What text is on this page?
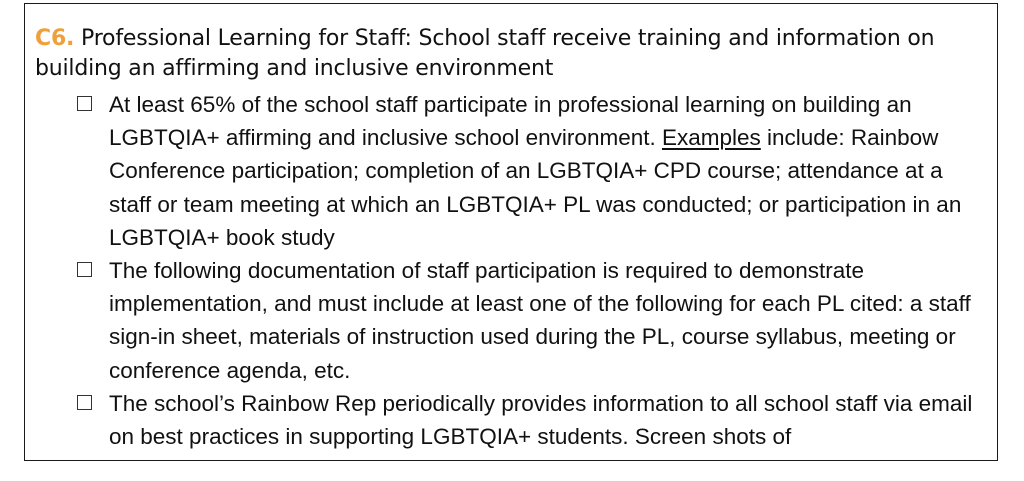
C6. Professional Learning for Staff: School staff receive training and information on building an affirming and inclusive environment
At least 65% of the school staff participate in professional learning on building an LGBTQIA+ affirming and inclusive school environment. Examples include: Rainbow Conference participation; completion of an LGBTQIA+ CPD course; attendance at a staff or team meeting at which an LGBTQIA+ PL was conducted; or participation in an LGBTQIA+ book study
The following documentation of staff participation is required to demonstrate implementation, and must include at least one of the following for each PL cited: a staff sign-in sheet, materials of instruction used during the PL, course syllabus, meeting or conference agenda, etc.
The school’s Rainbow Rep periodically provides information to all school staff via email on best practices in supporting LGBTQIA+ students. Screen shots of
